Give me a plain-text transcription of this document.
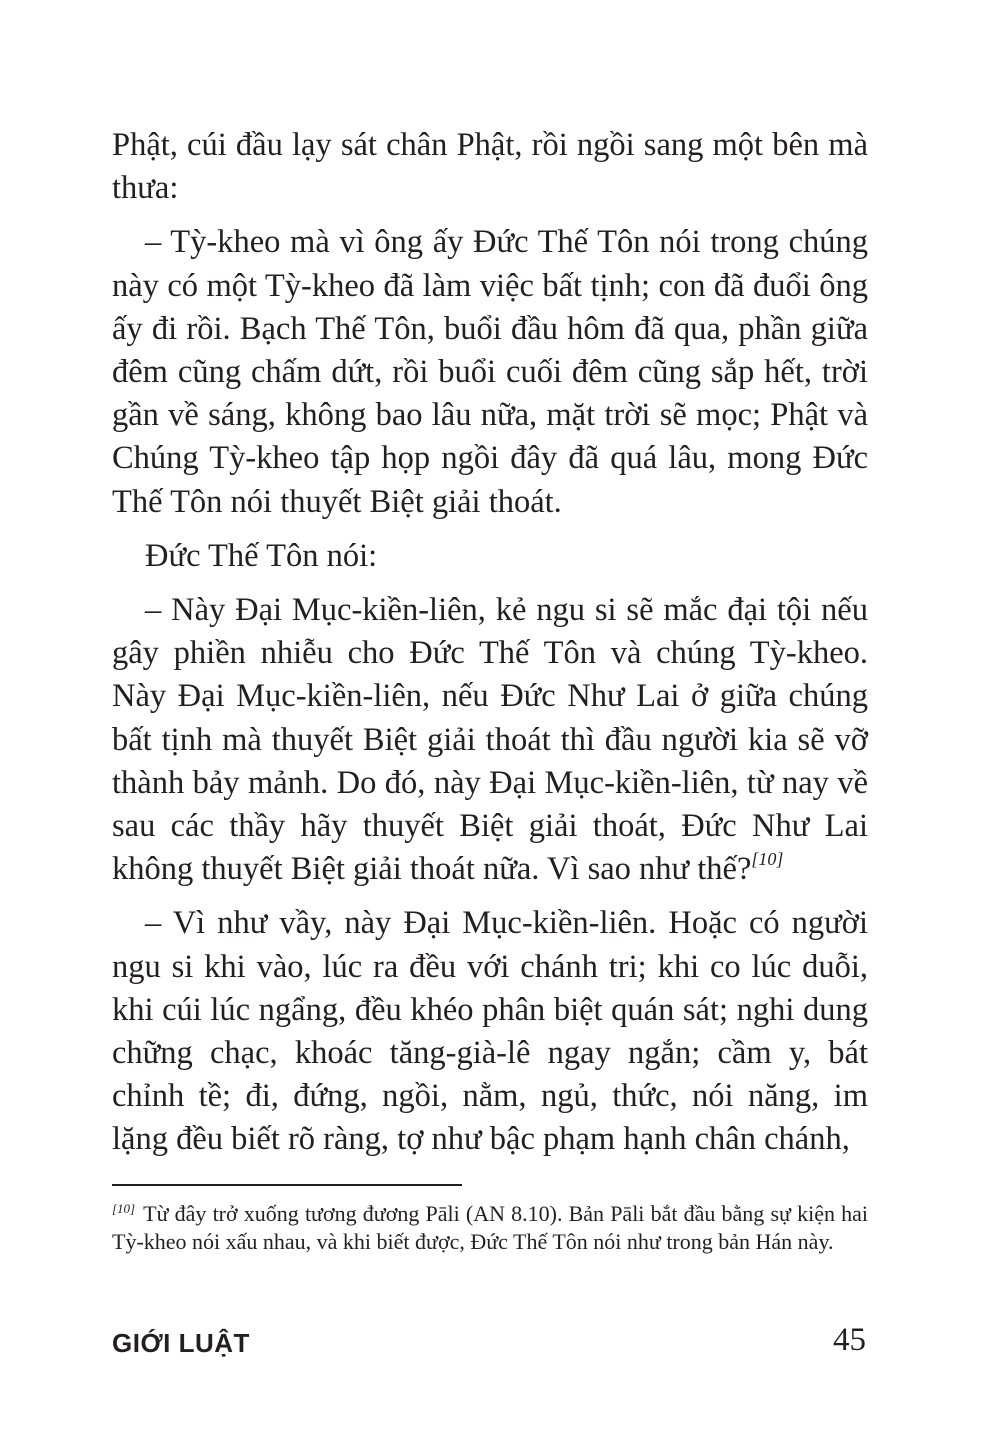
Phật, cúi đầu lạy sát chân Phật, rồi ngồi sang một bên mà thưa:

– Tỳ-kheo mà vì ông ấy Đức Thế Tôn nói trong chúng này có một Tỳ-kheo đã làm việc bất tịnh; con đã đuổi ông ấy đi rồi. Bạch Thế Tôn, buổi đầu hôm đã qua, phần giữa đêm cũng chấm dứt, rồi buổi cuối đêm cũng sắp hết, trời gần về sáng, không bao lâu nữa, mặt trời sẽ mọc; Phật và Chúng Tỳ-kheo tập họp ngồi đây đã quá lâu, mong Đức Thế Tôn nói thuyết Biệt giải thoát.

Đức Thế Tôn nói:

– Này Đại Mục-kiền-liên, kẻ ngu si sẽ mắc đại tội nếu gây phiền nhiễu cho Đức Thế Tôn và chúng Tỳ-kheo. Này Đại Mục-kiền-liên, nếu Đức Như Lai ở giữa chúng bất tịnh mà thuyết Biệt giải thoát thì đầu người kia sẽ vỡ thành bảy mảnh. Do đó, này Đại Mục-kiền-liên, từ nay về sau các thầy hãy thuyết Biệt giải thoát, Đức Như Lai không thuyết Biệt giải thoát nữa. Vì sao như thế?[10]

– Vì như vầy, này Đại Mục-kiền-liên. Hoặc có người ngu si khi vào, lúc ra đều với chánh tri; khi co lúc duỗi, khi cúi lúc ngẩng, đều khéo phân biệt quán sát; nghi dung chững chạc, khoác tăng-già-lê ngay ngắn; cầm y, bát chỉnh tề; đi, đứng, ngồi, nằm, ngủ, thức, nói năng, im lặng đều biết rõ ràng, tợ như bậc phạm hạnh chân chánh,

[10] Từ đây trở xuống tương đương Pāli (AN 8.10). Bản Pāli bắt đầu bằng sự kiện hai Tỳ-kheo nói xấu nhau, và khi biết được, Đức Thế Tôn nói như trong bản Hán này.
GIỚI LUẬT	45
